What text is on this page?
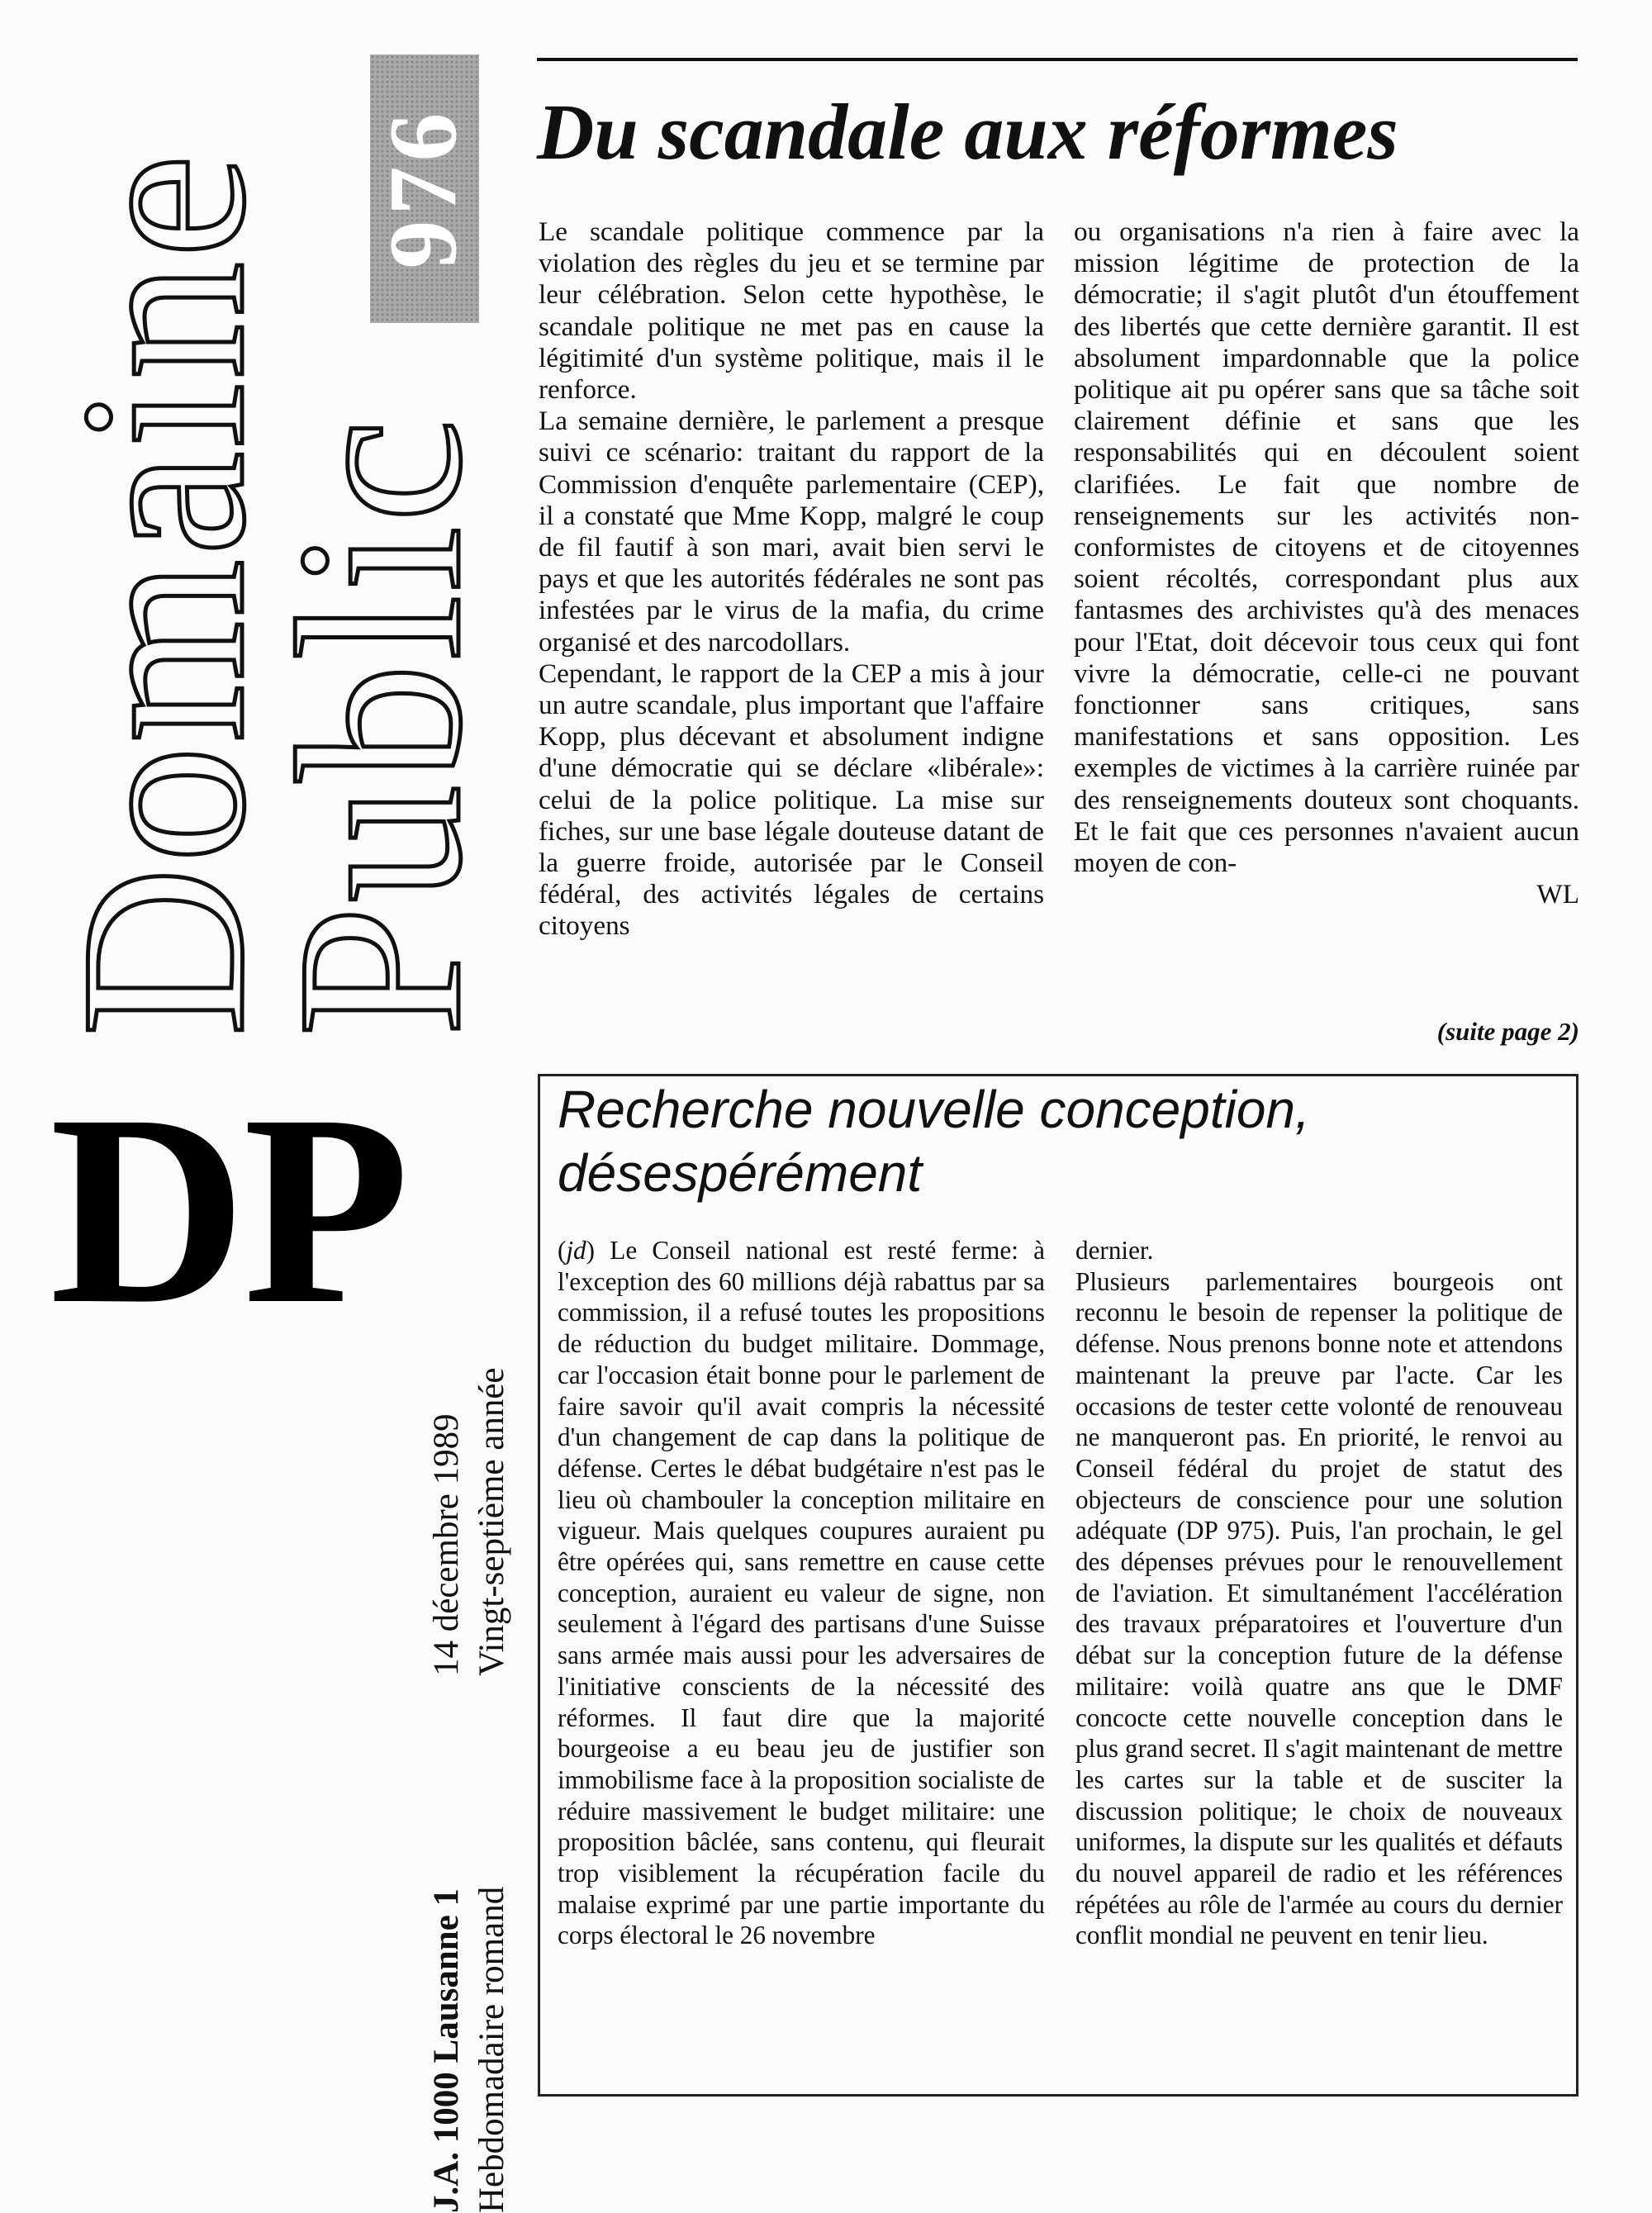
Domaine
Public
976
DP
J.A. 1000 Lausanne 1 Hebdomadaire romand
14 décembre 1989 Vingt-septième année
Du scandale aux réformes

Le scandale politique commence par la violation des règles du jeu et se termine par leur célébration. Selon cette hypothèse, le scandale politique ne met pas en cause la légitimité d'un système politique, mais il le renforce.

La semaine dernière, le parlement a presque suivi ce scénario: traitant du rapport de la Commission d'enquête parlementaire (CEP), il a constaté que Mme Kopp, malgré le coup de fil fautif à son mari, avait bien servi le pays et que les autorités fédérales ne sont pas infestées par le virus de la mafia, du crime organisé et des narcodollars.

Cependant, le rapport de la CEP a mis à jour un autre scandale, plus important que l'affaire Kopp, plus décevant et absolument indigne d'une démocratie qui se déclare «libérale»: celui de la police politique. La mise sur fiches, sur une base légale douteuse datant de la guerre froide, autorisée par le Conseil fédéral, des activités légales de certains citoyens

ou organisations n'a rien à faire avec la mission légitime de protection de la démocratie; il s'agit plutôt d'un étouffement des libertés que cette dernière garantit. Il est absolument impardonnable que la police politique ait pu opérer sans que sa tâche soit clairement définie et sans que les responsabilités qui en découlent soient clarifiées. Le fait que nombre de renseignements sur les activités non-conformistes de citoyens et de citoyennes soient récoltés, correspondant plus aux fantasmes des archivistes qu'à des menaces pour l'Etat, doit décevoir tous ceux qui font vivre la démocratie, celle-ci ne pouvant fonctionner sans critiques, sans manifestations et sans opposition. Les exemples de victimes à la carrière ruinée par des renseignements douteux sont choquants. Et le fait que ces personnes n'avaient aucun moyen de con-

WL

(suite page 2)
Recherche nouvelle conception,
désespérément

(jd) Le Conseil national est resté ferme: à l'exception des 60 millions déjà rabattus par sa commission, il a refusé toutes les propositions de réduction du budget militaire. Dommage, car l'occasion était bonne pour le parlement de faire savoir qu'il avait compris la nécessité d'un changement de cap dans la politique de défense. Certes le débat budgétaire n'est pas le lieu où chambouler la conception militaire en vigueur. Mais quelques coupures auraient pu être opérées qui, sans remettre en cause cette conception, auraient eu valeur de signe, non seulement à l'égard des partisans d'une Suisse sans armée mais aussi pour les adversaires de l'initiative conscients de la nécessité des réformes. Il faut dire que la majorité bourgeoise a eu beau jeu de justifier son immobilisme face à la proposition socialiste de réduire massivement le budget militaire: une proposition bâclée, sans contenu, qui fleurait trop visiblement la récupération facile du malaise exprimé par une partie importante du corps électoral le 26 novembre

dernier.

Plusieurs parlementaires bourgeois ont reconnu le besoin de repenser la politique de défense. Nous prenons bonne note et attendons maintenant la preuve par l'acte. Car les occasions de tester cette volonté de renouveau ne manqueront pas. En priorité, le renvoi au Conseil fédéral du projet de statut des objecteurs de conscience pour une solution adéquate (DP 975). Puis, l'an prochain, le gel des dépenses prévues pour le renouvellement de l'aviation. Et simultanément l'accélération des travaux préparatoires et l'ouverture d'un débat sur la conception future de la défense militaire: voilà quatre ans que le DMF concocte cette nouvelle conception dans le plus grand secret. Il s'agit maintenant de mettre les cartes sur la table et de susciter la discussion politique; le choix de nouveaux uniformes, la dispute sur les qualités et défauts du nouvel appareil de radio et les références répétées au rôle de l'armée au cours du dernier conflit mondial ne peuvent en tenir lieu.
